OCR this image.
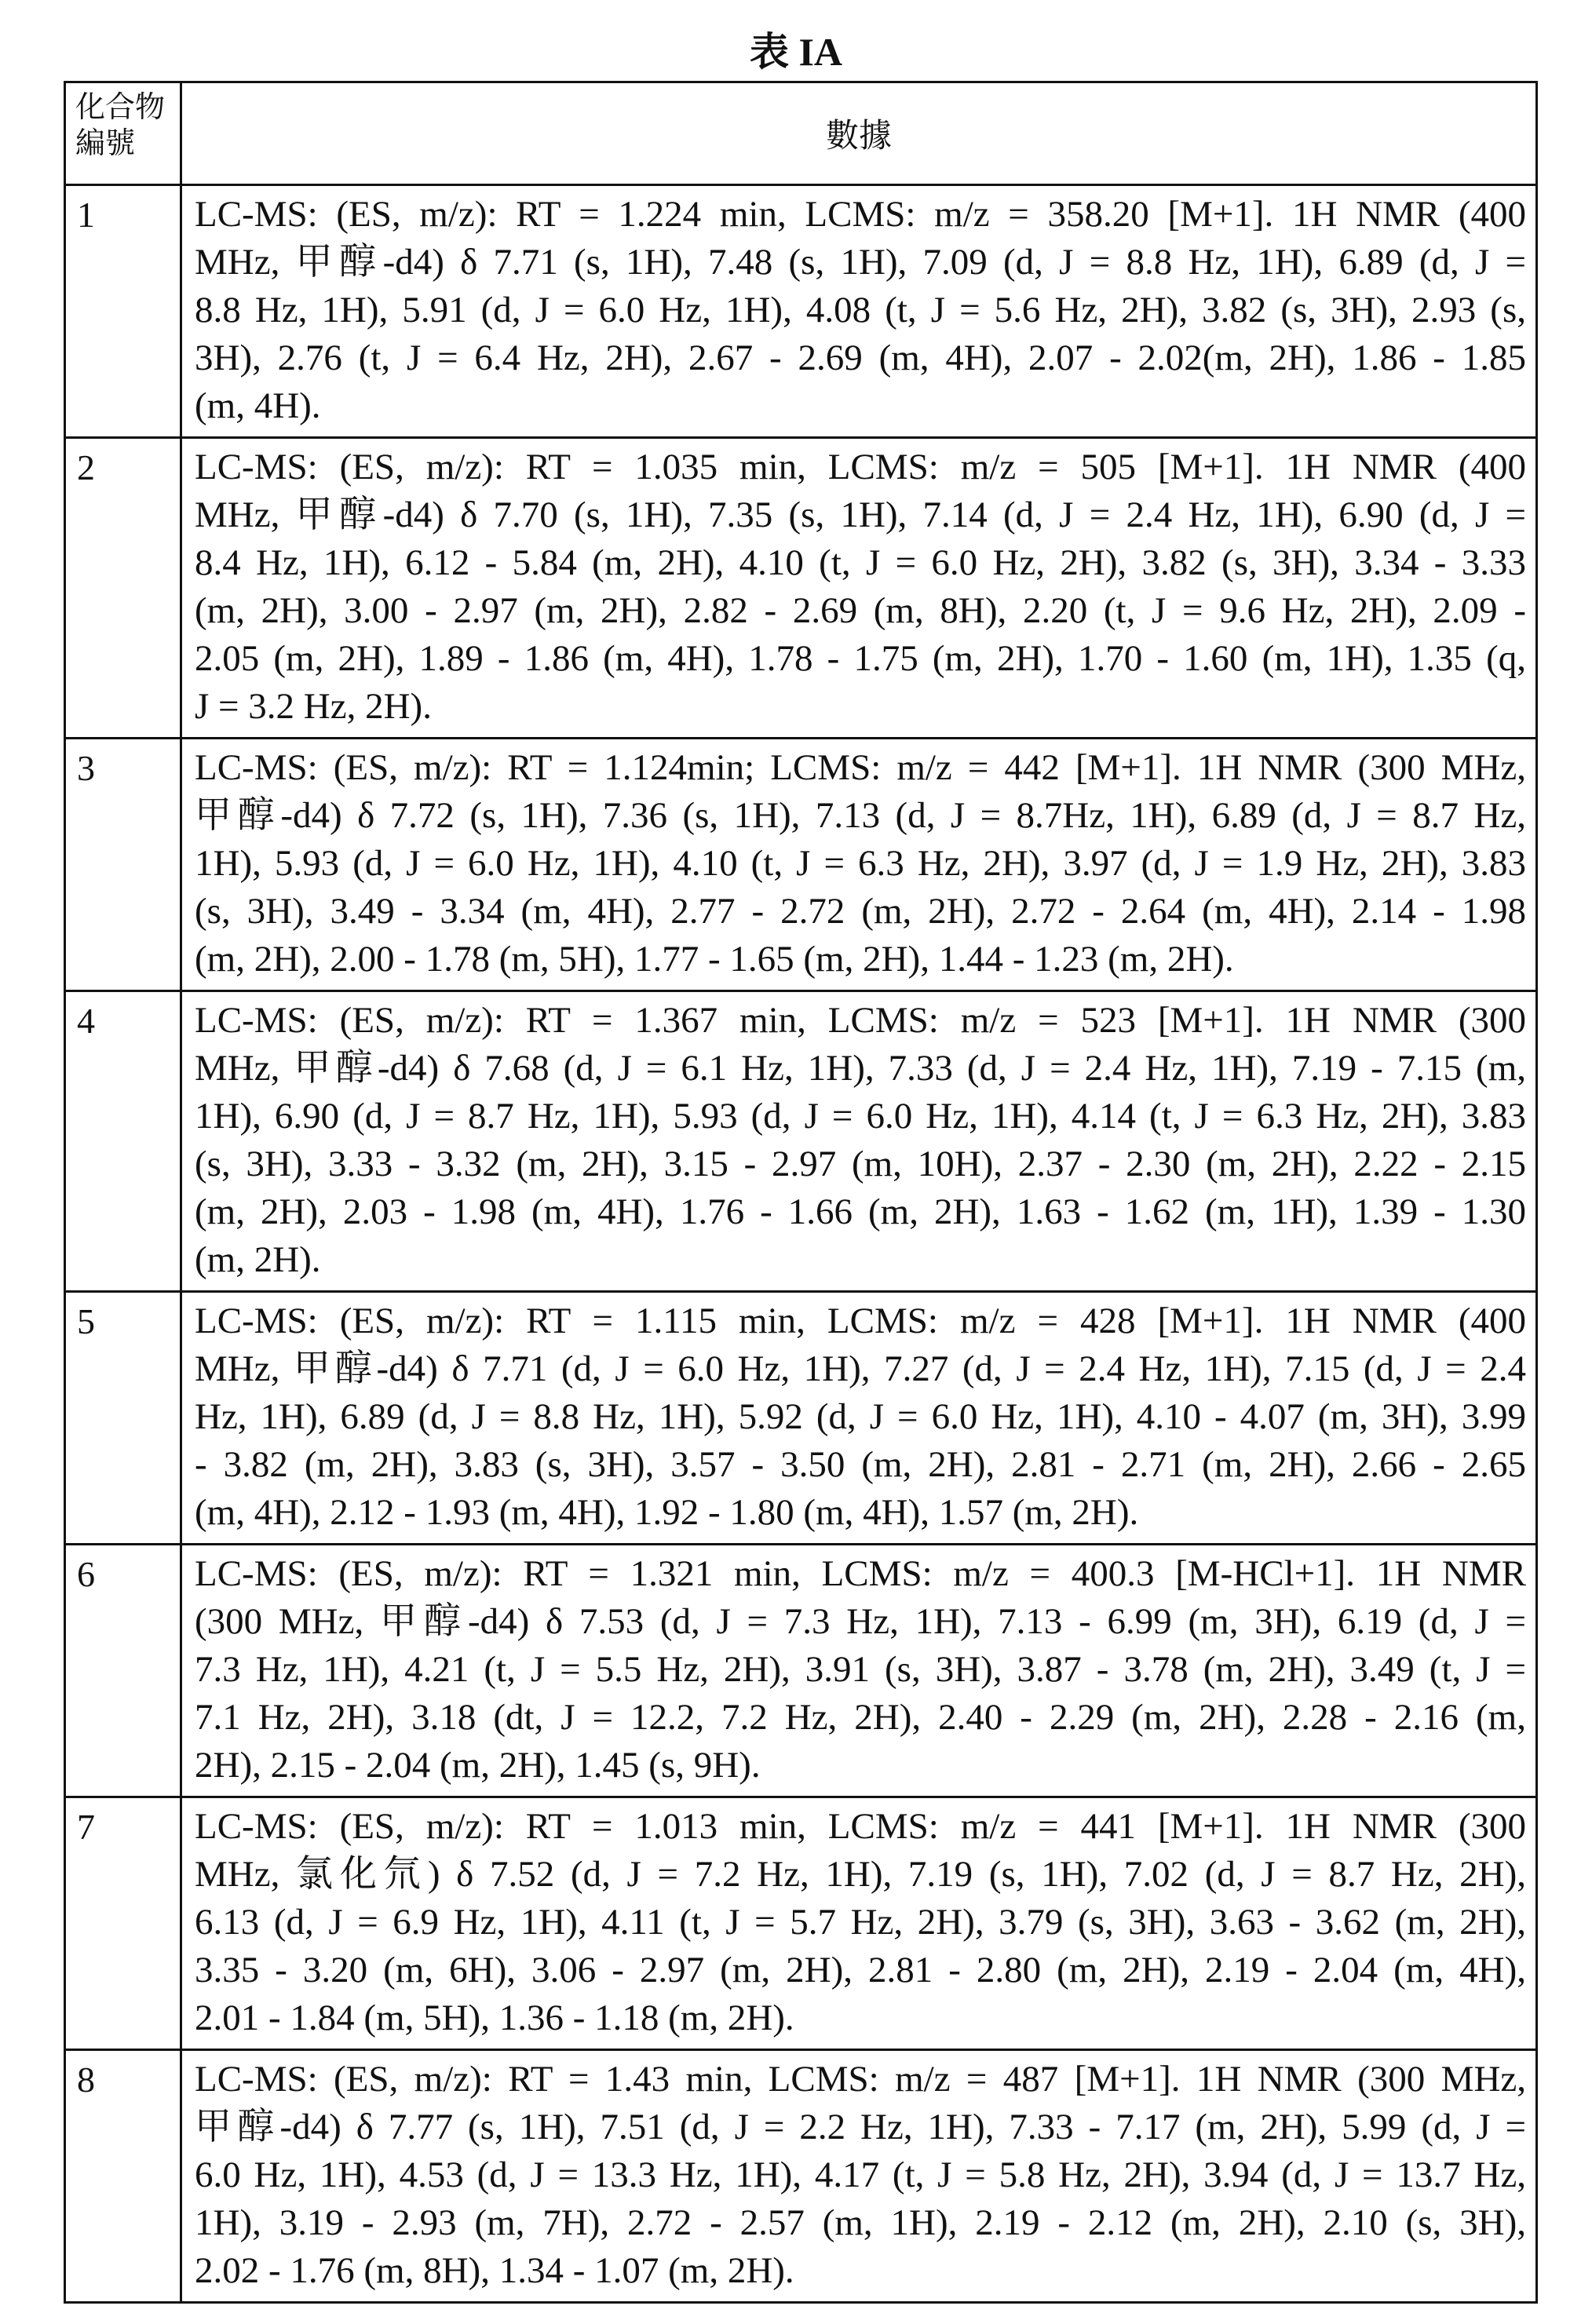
表 IA
化合物
編號	數據
1	LC-MS: (ES, m/z): RT = 1.224 min, LCMS: m/z = 358.20 [M+1]. 1H NMR (400
MHz, 甲醇-d4) δ 7.71 (s, 1H), 7.48 (s, 1H), 7.09 (d, J = 8.8 Hz, 1H), 6.89 (d, J =
8.8 Hz, 1H), 5.91 (d, J = 6.0 Hz, 1H), 4.08 (t, J = 5.6 Hz, 2H), 3.82 (s, 3H), 2.93 (s,
3H), 2.76 (t, J = 6.4 Hz, 2H), 2.67 - 2.69 (m, 4H), 2.07 - 2.02(m, 2H), 1.86 - 1.85
(m, 4H).

2	LC-MS: (ES, m/z): RT = 1.035 min, LCMS: m/z = 505 [M+1]. 1H NMR (400
MHz, 甲醇-d4) δ 7.70 (s, 1H), 7.35 (s, 1H), 7.14 (d, J = 2.4 Hz, 1H), 6.90 (d, J =
8.4 Hz, 1H), 6.12 - 5.84 (m, 2H), 4.10 (t, J = 6.0 Hz, 2H), 3.82 (s, 3H), 3.34 - 3.33
(m, 2H), 3.00 - 2.97 (m, 2H), 2.82 - 2.69 (m, 8H), 2.20 (t, J = 9.6 Hz, 2H), 2.09 -
2.05 (m, 2H), 1.89 - 1.86 (m, 4H), 1.78 - 1.75 (m, 2H), 1.70 - 1.60 (m, 1H), 1.35 (q,
J = 3.2 Hz, 2H).

3	LC-MS: (ES, m/z): RT = 1.124min; LCMS: m/z = 442 [M+1]. 1H NMR (300 MHz,
甲醇-d4) δ 7.72 (s, 1H), 7.36 (s, 1H), 7.13 (d, J = 8.7Hz, 1H), 6.89 (d, J = 8.7 Hz,
1H), 5.93 (d, J = 6.0 Hz, 1H), 4.10 (t, J = 6.3 Hz, 2H), 3.97 (d, J = 1.9 Hz, 2H), 3.83
(s, 3H), 3.49 - 3.34 (m, 4H), 2.77 - 2.72 (m, 2H), 2.72 - 2.64 (m, 4H), 2.14 - 1.98
(m, 2H), 2.00 - 1.78 (m, 5H), 1.77 - 1.65 (m, 2H), 1.44 - 1.23 (m, 2H).

4	LC-MS: (ES, m/z): RT = 1.367 min, LCMS: m/z = 523 [M+1]. 1H NMR (300
MHz, 甲醇-d4) δ 7.68 (d, J = 6.1 Hz, 1H), 7.33 (d, J = 2.4 Hz, 1H), 7.19 - 7.15 (m,
1H), 6.90 (d, J = 8.7 Hz, 1H), 5.93 (d, J = 6.0 Hz, 1H), 4.14 (t, J = 6.3 Hz, 2H), 3.83
(s, 3H), 3.33 - 3.32 (m, 2H), 3.15 - 2.97 (m, 10H), 2.37 - 2.30 (m, 2H), 2.22 - 2.15
(m, 2H), 2.03 - 1.98 (m, 4H), 1.76 - 1.66 (m, 2H), 1.63 - 1.62 (m, 1H), 1.39 - 1.30
(m, 2H).

5	LC-MS: (ES, m/z): RT = 1.115 min, LCMS: m/z = 428 [M+1]. 1H NMR (400
MHz, 甲醇-d4) δ 7.71 (d, J = 6.0 Hz, 1H), 7.27 (d, J = 2.4 Hz, 1H), 7.15 (d, J = 2.4
Hz, 1H), 6.89 (d, J = 8.8 Hz, 1H), 5.92 (d, J = 6.0 Hz, 1H), 4.10 - 4.07 (m, 3H), 3.99
- 3.82 (m, 2H), 3.83 (s, 3H), 3.57 - 3.50 (m, 2H), 2.81 - 2.71 (m, 2H), 2.66 - 2.65
(m, 4H), 2.12 - 1.93 (m, 4H), 1.92 - 1.80 (m, 4H), 1.57 (m, 2H).

6	LC-MS: (ES, m/z): RT = 1.321 min, LCMS: m/z = 400.3 [M-HCl+1]. 1H NMR
(300 MHz, 甲醇-d4) δ 7.53 (d, J = 7.3 Hz, 1H), 7.13 - 6.99 (m, 3H), 6.19 (d, J =
7.3 Hz, 1H), 4.21 (t, J = 5.5 Hz, 2H), 3.91 (s, 3H), 3.87 - 3.78 (m, 2H), 3.49 (t, J =
7.1 Hz, 2H), 3.18 (dt, J = 12.2, 7.2 Hz, 2H), 2.40 - 2.29 (m, 2H), 2.28 - 2.16 (m,
2H), 2.15 - 2.04 (m, 2H), 1.45 (s, 9H).

7	LC-MS: (ES, m/z): RT = 1.013 min, LCMS: m/z = 441 [M+1]. 1H NMR (300
MHz, 氯化氘) δ 7.52 (d, J = 7.2 Hz, 1H), 7.19 (s, 1H), 7.02 (d, J = 8.7 Hz, 2H),
6.13 (d, J = 6.9 Hz, 1H), 4.11 (t, J = 5.7 Hz, 2H), 3.79 (s, 3H), 3.63 - 3.62 (m, 2H),
3.35 - 3.20 (m, 6H), 3.06 - 2.97 (m, 2H), 2.81 - 2.80 (m, 2H), 2.19 - 2.04 (m, 4H),
2.01 - 1.84 (m, 5H), 1.36 - 1.18 (m, 2H).

8	LC-MS: (ES, m/z): RT = 1.43 min, LCMS: m/z = 487 [M+1]. 1H NMR (300 MHz,
甲醇-d4) δ 7.77 (s, 1H), 7.51 (d, J = 2.2 Hz, 1H), 7.33 - 7.17 (m, 2H), 5.99 (d, J =
6.0 Hz, 1H), 4.53 (d, J = 13.3 Hz, 1H), 4.17 (t, J = 5.8 Hz, 2H), 3.94 (d, J = 13.7 Hz,
1H), 3.19 - 2.93 (m, 7H), 2.72 - 2.57 (m, 1H), 2.19 - 2.12 (m, 2H), 2.10 (s, 3H),
2.02 - 1.76 (m, 8H), 1.34 - 1.07 (m, 2H).
